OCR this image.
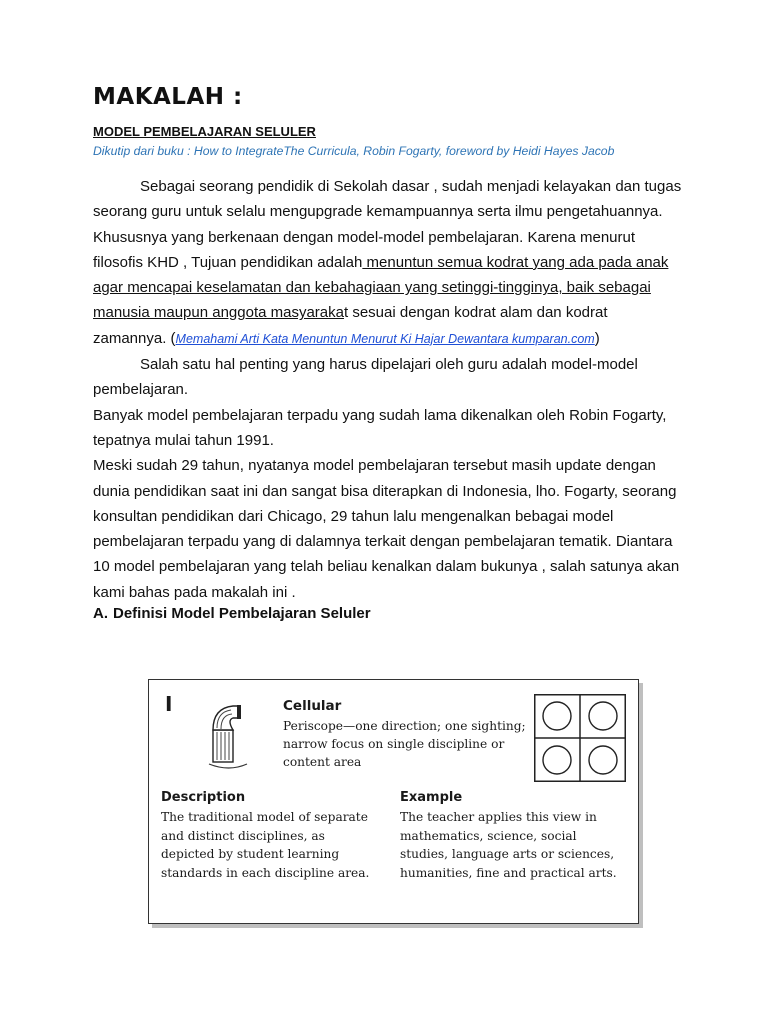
MAKALAH :
MODEL PEMBELAJARAN SELULER
Dikutip dari buku : How to IntegrateThe Curricula, Robin Fogarty, foreword by Heidi Hayes Jacob

Sebagai seorang pendidik di Sekolah dasar , sudah menjadi kelayakan dan tugas seorang guru untuk selalu mengupgrade kemampuannya serta ilmu pengetahuannya. Khususnya yang berkenaan dengan model-model pembelajaran. Karena menurut filosofis KHD , Tujuan pendidikan adalah menuntun semua kodrat yang ada pada anak agar mencapai keselamatan dan kebahagiaan yang setinggi-tingginya, baik sebagai manusia maupun anggota masyarakat sesuai dengan kodrat alam dan kodrat zamannya. (Memahami Arti Kata Menuntun Menurut Ki Hajar Dewantara kumparan.com)

Salah satu hal penting yang harus dipelajari oleh guru adalah model-model pembelajaran.

Banyak model pembelajaran terpadu yang sudah lama dikenalkan oleh Robin Fogarty, tepatnya mulai tahun 1991.

Meski sudah 29 tahun, nyatanya model pembelajaran tersebut masih update dengan dunia pendidikan saat ini dan sangat bisa diterapkan di Indonesia, lho. Fogarty, seorang konsultan pendidikan dari Chicago, 29 tahun lalu mengenalkan bebagai model pembelajaran terpadu yang di dalamnya terkait dengan pembelajaran tematik. Diantara 10 model pembelajaran yang telah beliau kenalkan dalam bukunya , salah satunya akan kami bahas pada makalah ini .

A. Definisi Model Pembelajaran Seluler
I	Cellular
Periscope—one direction; one sighting; narrow focus on single discipline or content area
Description
The traditional model of separate and distinct disciplines, as depicted by student learning standards in each discipline area.
Example
The teacher applies this view in mathematics, science, social studies, language arts or sciences, humanities, fine and practical arts.
